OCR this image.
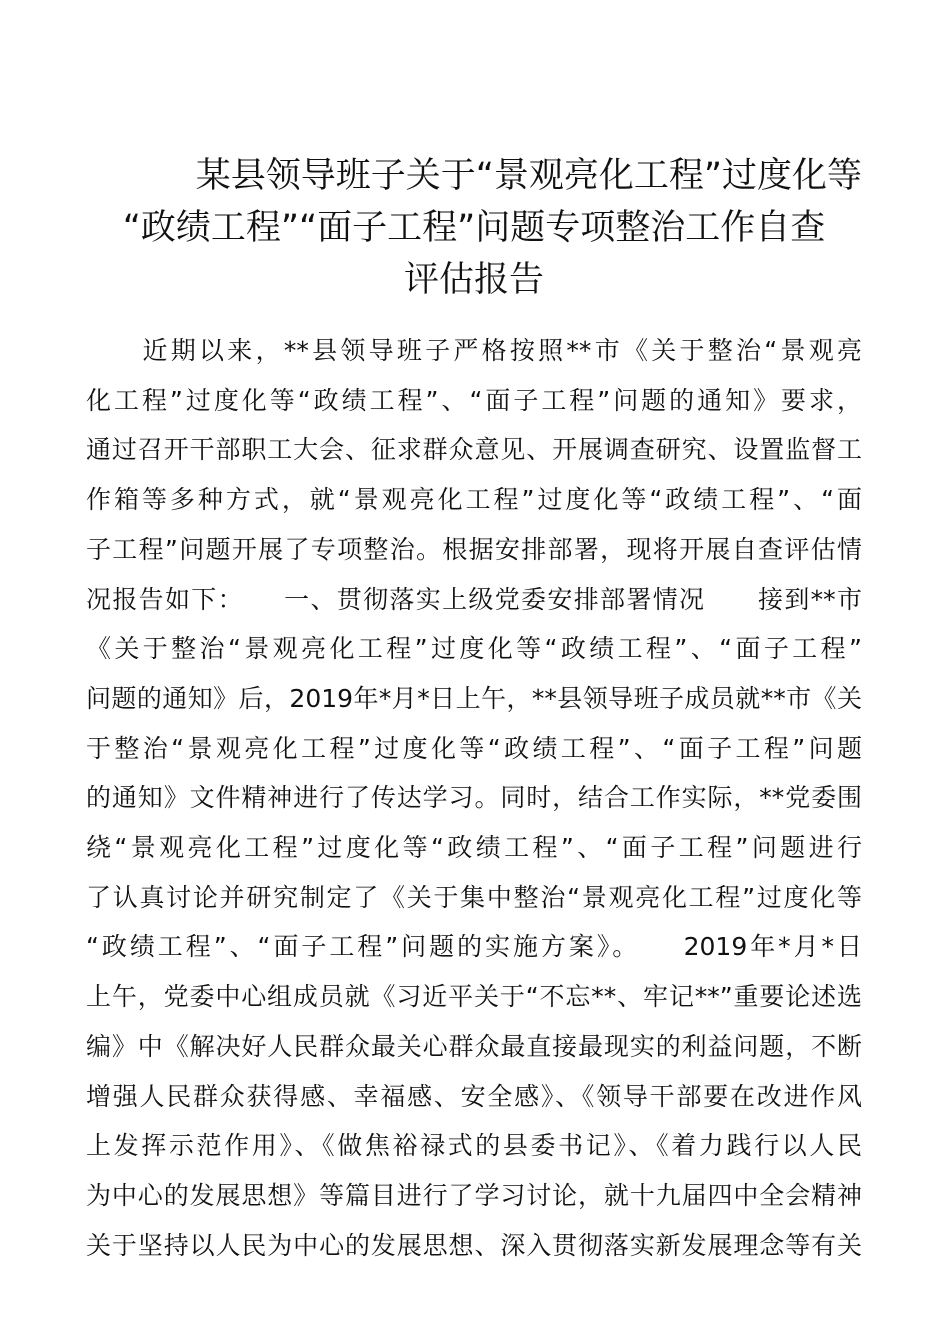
某县领导班子关于“景观亮化工程”过度化等
“政绩工程”“面子工程”问题专项整治工作自查
评估报告
　　近期以来，**县领导班子严格按照**市《关于整治“景观亮
化工程”过度化等“政绩工程”、“面子工程”问题的通知》要求，
通过召开干部职工大会、征求群众意见、开展调查研究、设置监督工
作箱等多种方式，就“景观亮化工程”过度化等“政绩工程”、“面
子工程”问题开展了专项整治。根据安排部署，现将开展自查评估情
况报告如下：　　一、贯彻落实上级党委安排部署情况　　接到**市
《关于整治“景观亮化工程”过度化等“政绩工程”、“面子工程”
问题的通知》后，2019年*月*日上午，**县领导班子成员就**市《关
于整治“景观亮化工程”过度化等“政绩工程”、“面子工程”问题
的通知》文件精神进行了传达学习。同时，结合工作实际，**党委围
绕“景观亮化工程”过度化等“政绩工程”、“面子工程”问题进行
了认真讨论并研究制定了《关于集中整治“景观亮化工程”过度化等
“政绩工程”、“面子工程”问题的实施方案》。　　2019年*月*日
上午，党委中心组成员就《习近平关于“不忘**、牢记**”重要论述选
编》中《解决好人民群众最关心群众最直接最现实的利益问题，不断
增强人民群众获得感、幸福感、安全感》、《领导干部要在改进作风
上发挥示范作用》、《做焦裕禄式的县委书记》、《着力践行以人民
为中心的发展思想》等篇目进行了学习讨论，就十九届四中全会精神
关于坚持以人民为中心的发展思想、深入贯彻落实新发展理念等有关
